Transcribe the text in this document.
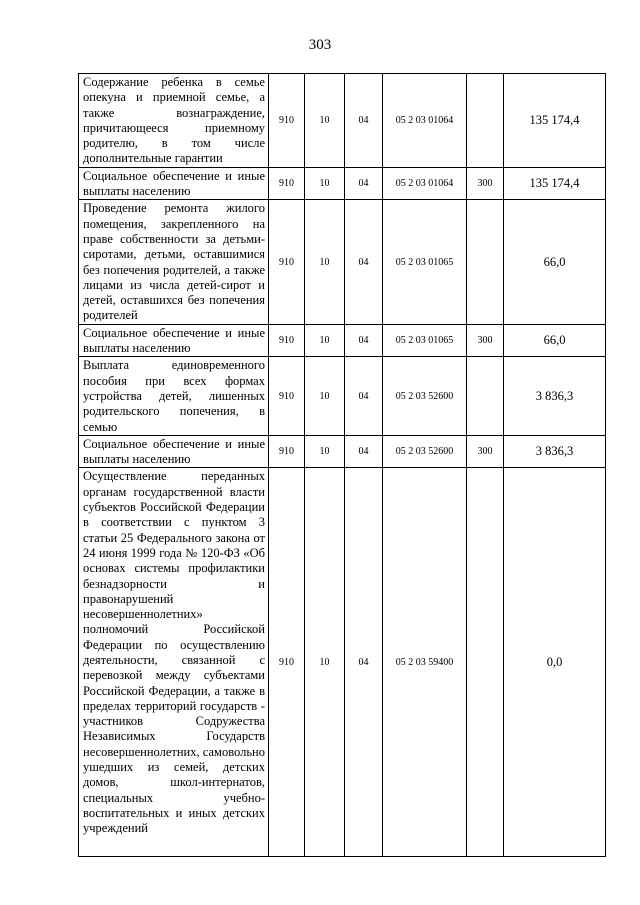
303
Содержание ребенка в семье опекуна и приемной семье, а также вознаграждение, причитающееся приемному родителю, в том числе дополнительные гарантии	910	10	04	05 2 03 01064		135 174,4
Социальное обеспечение и иные выплаты населению	910	10	04	05 2 03 01064	300	135 174,4
Проведение ремонта жилого помещения, закрепленного на праве собственности за детьми-сиротами, детьми, оставшимися без попечения родителей, а также лицами из числа детей-сирот и детей, оставшихся без попечения родителей	910	10	04	05 2 03 01065		66,0
Социальное обеспечение и иные выплаты населению	910	10	04	05 2 03 01065	300	66,0
Выплата единовременного пособия при всех формах устройства детей, лишенных родительского попечения, в семью	910	10	04	05 2 03 52600		3 836,3
Социальное обеспечение и иные выплаты населению	910	10	04	05 2 03 52600	300	3 836,3
Осуществление переданных органам государственной власти субъектов Российской Федерации в соответствии с пунктом 3 статьи 25 Федерального закона от 24 июня 1999 года № 120-ФЗ «Об основах системы профилактики безнадзорности и правонарушений несовершеннолетних» полномочий Российской Федерации по осуществлению деятельности, связанной с перевозкой между субъектами Российской Федерации, а также в пределах территорий государств - участников Содружества Независимых Государств несовершеннолетних, самовольно ушедших из семей, детских домов, школ-интернатов, специальных учебно-воспитательных и иных детских учреждений	910	10	04	05 2 03 59400		0,0
